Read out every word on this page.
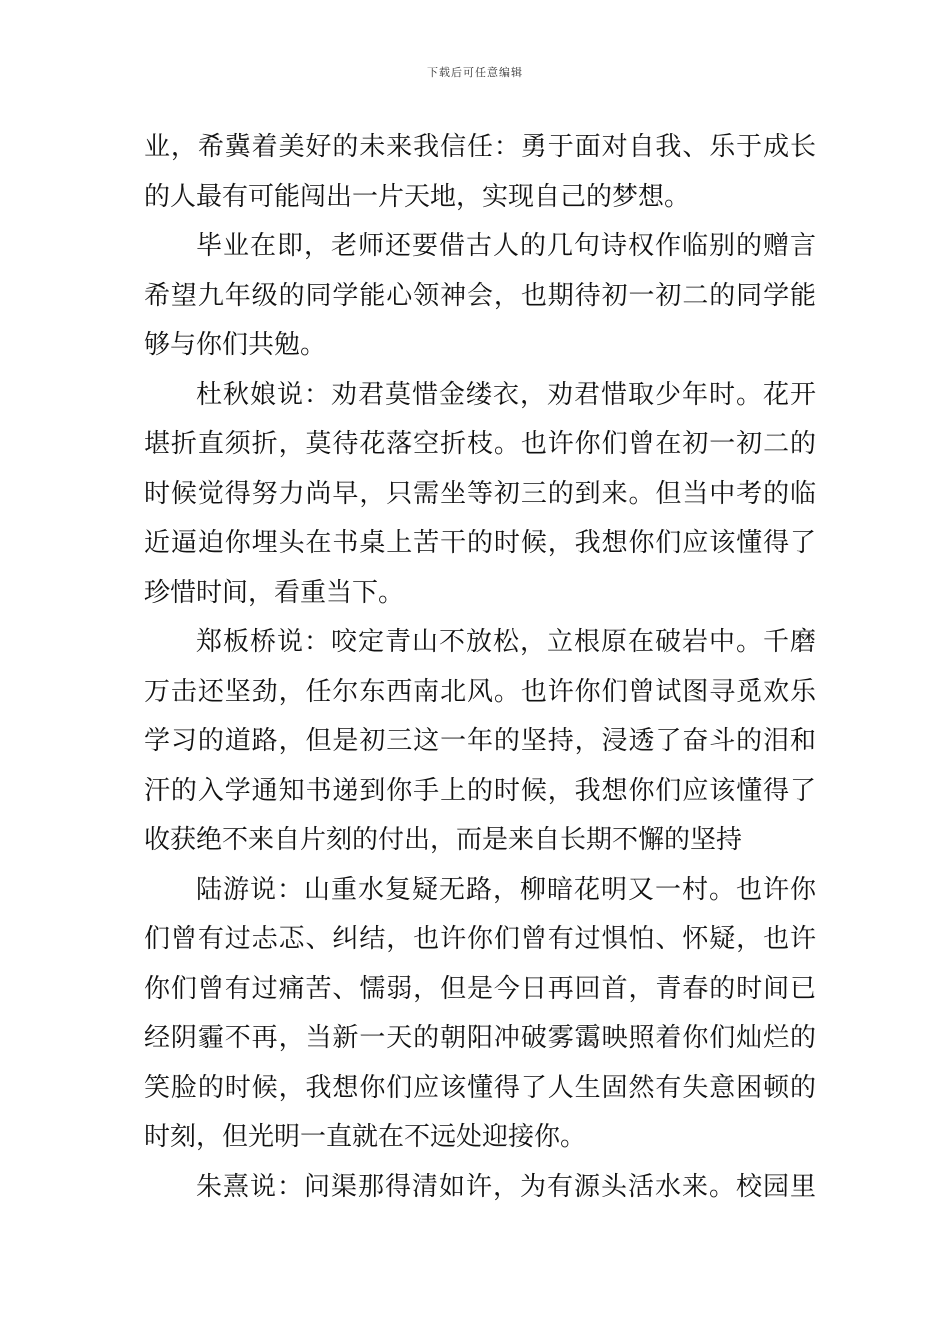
下载后可任意编辑
业，希冀着美好的未来我信任：勇于面对自我、乐于成长
的人最有可能闯出一片天地，实现自己的梦想。
毕业在即，老师还要借古人的几句诗权作临别的赠言
希望九年级的同学能心领神会，也期待初一初二的同学能
够与你们共勉。
杜秋娘说：劝君莫惜金缕衣，劝君惜取少年时。花开
堪折直须折，莫待花落空折枝。也许你们曾在初一初二的
时候觉得努力尚早，只需坐等初三的到来。但当中考的临
近逼迫你埋头在书桌上苦干的时候，我想你们应该懂得了
珍惜时间，看重当下。
郑板桥说：咬定青山不放松，立根原在破岩中。千磨
万击还坚劲，任尔东西南北风。也许你们曾试图寻觅欢乐
学习的道路，但是初三这一年的坚持，浸透了奋斗的泪和
汗的入学通知书递到你手上的时候，我想你们应该懂得了
收获绝不来自片刻的付出，而是来自长期不懈的坚持
陆游说：山重水复疑无路，柳暗花明又一村。也许你
们曾有过忐忑、纠结，也许你们曾有过惧怕、怀疑，也许
你们曾有过痛苦、懦弱，但是今日再回首，青春的时间已
经阴霾不再，当新一天的朝阳冲破雾霭映照着你们灿烂的
笑脸的时候，我想你们应该懂得了人生固然有失意困顿的
时刻，但光明一直就在不远处迎接你。
朱熹说：问渠那得清如许，为有源头活水来。校园里
